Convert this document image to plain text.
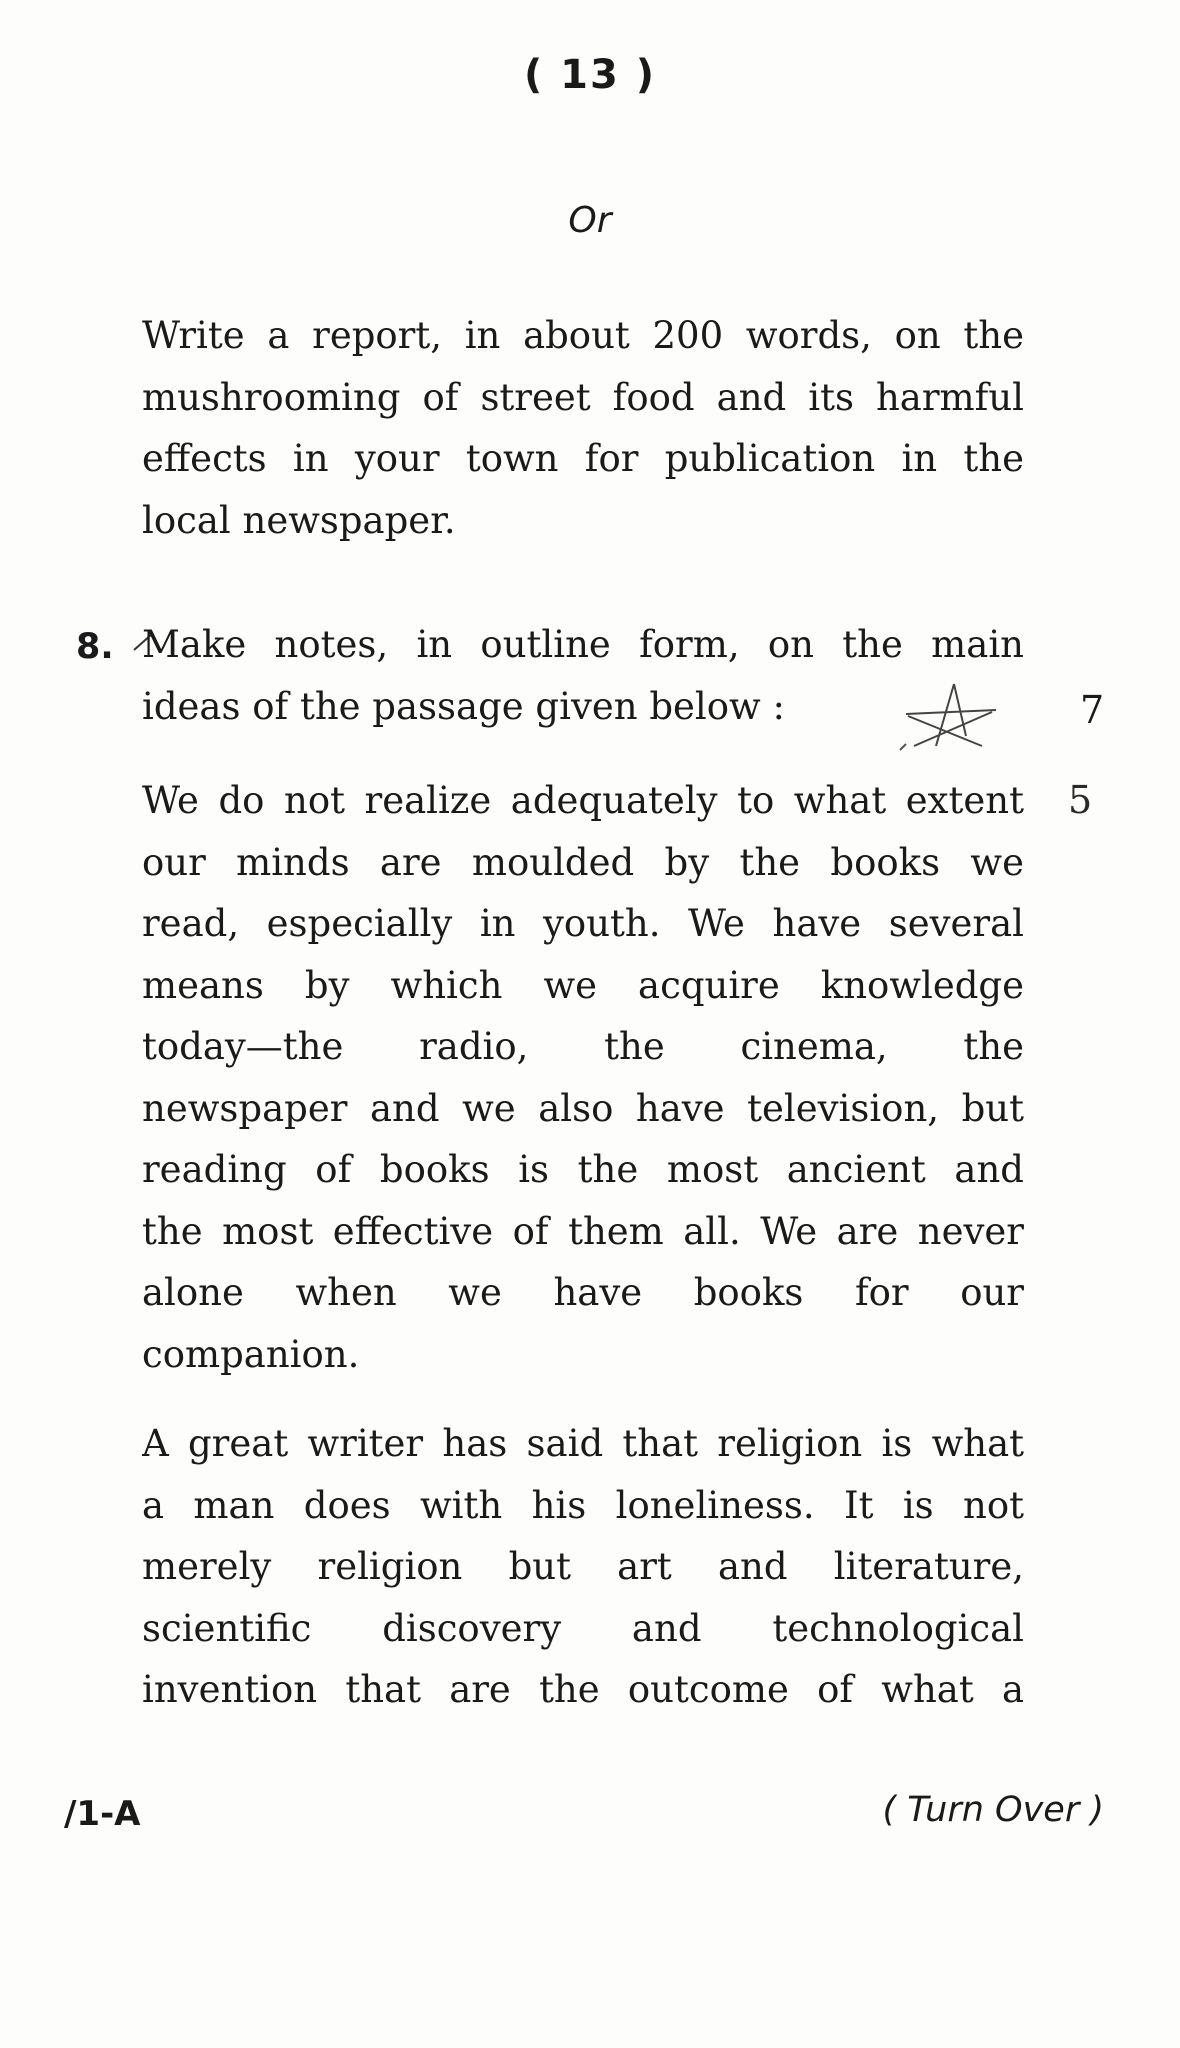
( 13 )
Or
Write a report, in about 200 words, on the
mushrooming of street food and its harmful
effects in your town for publication in the
local newspaper.
8. Make notes, in outline form, on the main
ideas of the passage given below :	7
5
We do not realize adequately to what extent
our minds are moulded by the books we
read, especially in youth. We have several
means by which we acquire knowledge
today—the radio, the cinema, the
newspaper and we also have television, but
reading of books is the most ancient and
the most effective of them all. We are never
alone when we have books for our
companion.
A great writer has said that religion is what
a man does with his loneliness. It is not
merely religion but art and literature,
scientific discovery and technological
invention that are the outcome of what a
/1-A	( Turn Over )
